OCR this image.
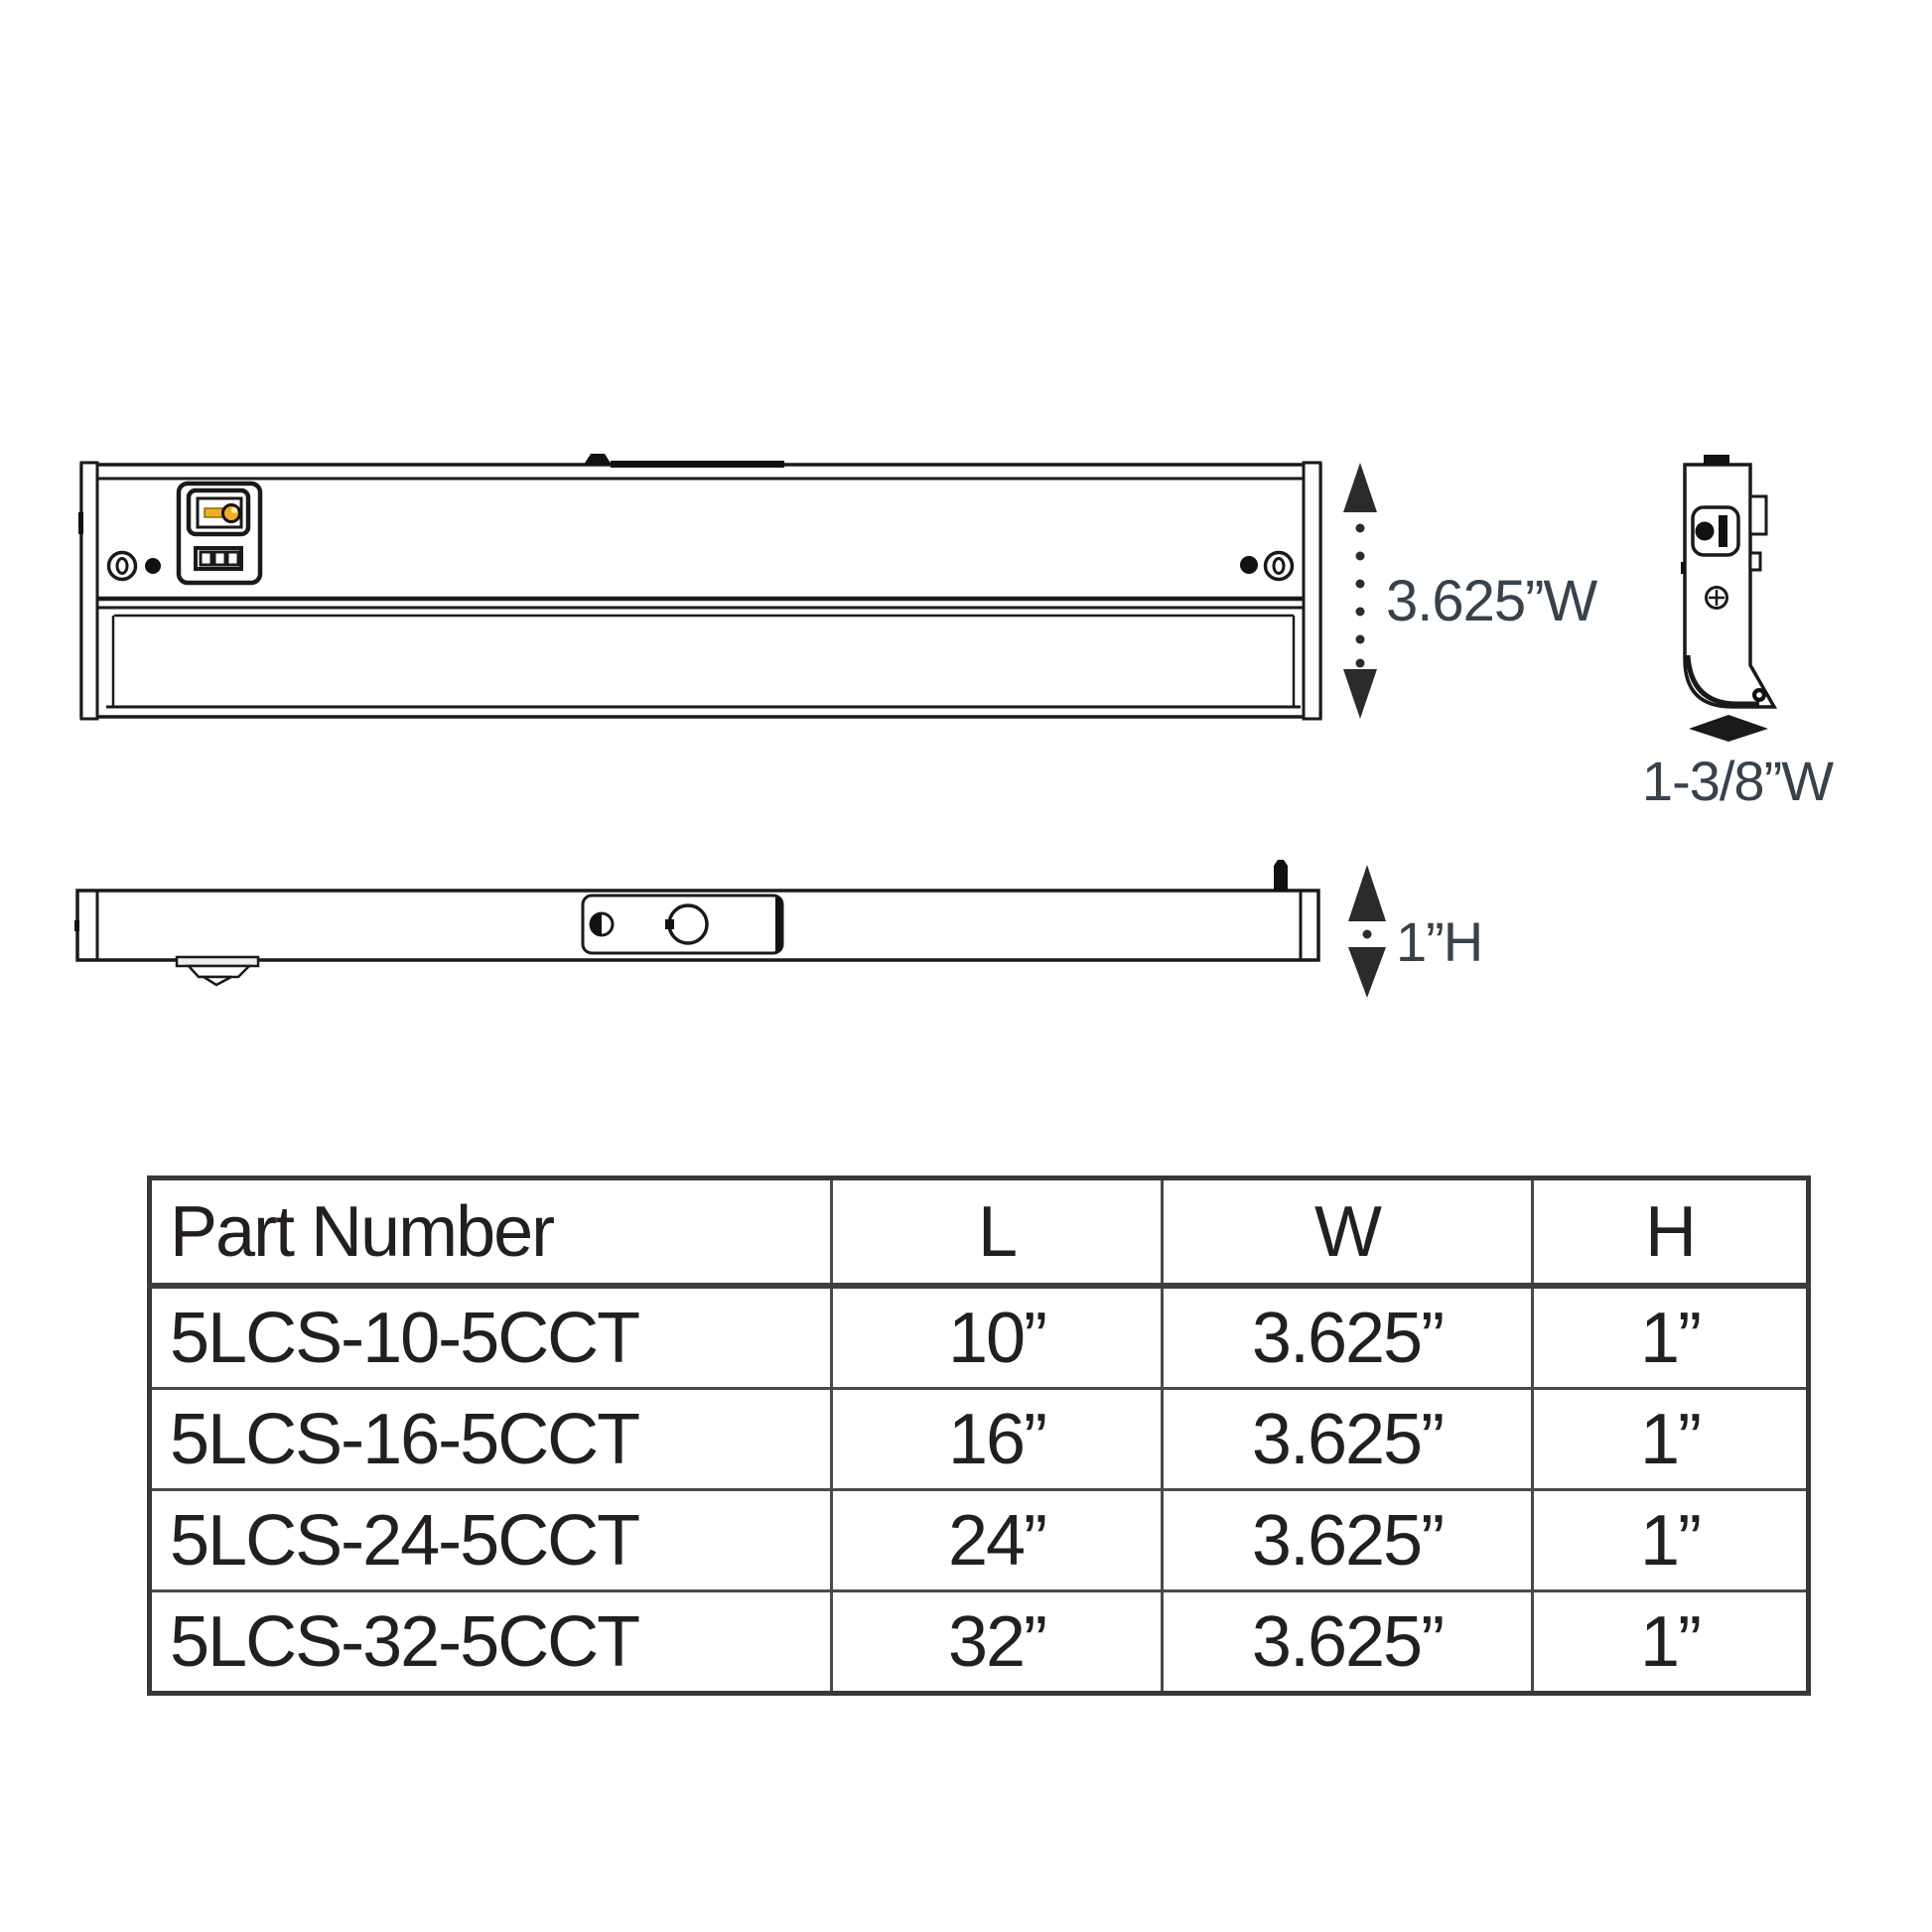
3.625”W
1-3/8”W
1”H
Part Number	L	W	H
5LCS-10-5CCT	10”	3.625”	1”
5LCS-16-5CCT	16”	3.625”	1”
5LCS-24-5CCT	24”	3.625”	1”
5LCS-32-5CCT	32”	3.625”	1”
